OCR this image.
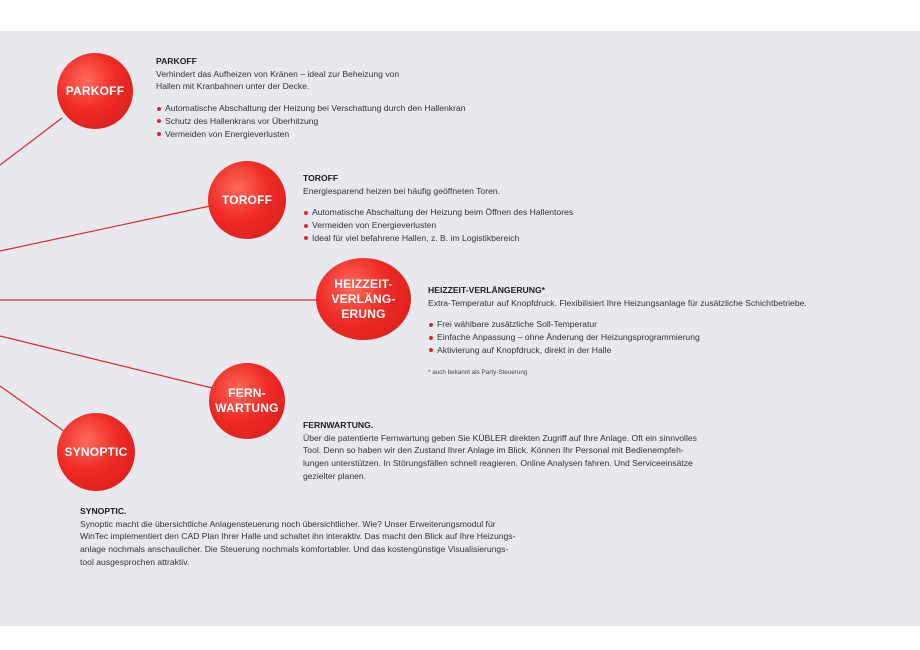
PARKOFF
TOROFF
HEIZZEIT-
VERLÄNG-
ERUNG
FERN-
WARTUNG
SYNOPTIC
PARKOFF
Verhindert das Aufheizen von Kränen – ideal zur Beheizung von
Hallen mit Kranbahnen unter der Decke.
Automatische Abschaltung der Heizung bei Verschattung durch den Hallenkran
Schutz des Hallenkrans vor Überhitzung
Vermeiden von Energieverlusten
TOROFF
Energiesparend heizen bei häufig geöffneten Toren.
Automatische Abschaltung der Heizung beim Öffnen des Hallentores
Vermeiden von Energieverlusten
Ideal für viel befahrene Hallen, z. B. im Logistikbereich
HEIZZEIT-VERLÄNGERUNG*
Extra-Temperatur auf Knopfdruck. Flexibilisiert Ihre Heizungsanlage für zusätzliche Schichtbetriebe.
Frei wählbare zusätzliche Soll-Temperatur
Einfache Anpassung – ohne Änderung der Heizungsprogrammierung
Aktivierung auf Knopfdruck, direkt in der Halle
* auch bekannt als Party-Steuerung
FERNWARTUNG.
Über die patentierte Fernwartung geben Sie KÜBLER direkten Zugriff auf Ihre Anlage. Oft ein sinnvolles
Tool. Denn so haben wir den Zustand Ihrer Anlage im Blick. Können Ihr Personal mit Bedienempfeh-
lungen unterstützen. In Störungsfällen schnell reagieren. Online Analysen fahren. Und Serviceeinsätze
gezielter planen.
SYNOPTIC.
Synoptic macht die übersichtliche Anlagensteuerung noch übersichtlicher. Wie? Unser Erweiterungsmodul für
WinTec implementiert den CAD Plan Ihrer Halle und schaltet ihn interaktiv. Das macht den Blick auf Ihre Heizungs-
anlage nochmals anschaulicher. Die Steuerung nochmals komfortabler. Und das kostengünstige Visualisierungs-
tool ausgesprochen attraktiv.
